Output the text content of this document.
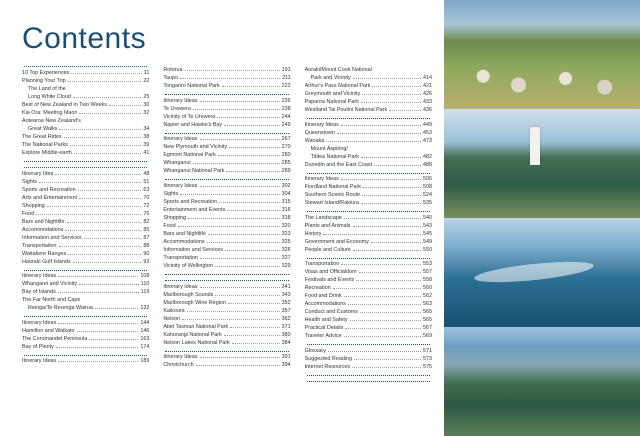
Contents
10 Top Experiences	11
Planning Your Trip	22
The Land of the
Long White Cloud	25
Best of New Zealand in Two Weeks	30
Kia Ora: Meeting Maori	32
Aotearoa New Zealand's
Great Walks	34
The Great Rides	38
The National Parks	39
Explore Middle-earth	41
Itinerary Idea	48
Sights	51
Sports and Recreation	63
Arts and Entertainment	70
Shopping	72
Food	76
Bars and Nightlife	82
Accommodations	85
Information and Services	87
Transportation	88
Waitakere Ranges	90
Hauraki Gulf Islands	93
Itinerary Ideas	108
Whangarei and Vicinity	110
Bay of Islands	119
The Far North and Cape
Reinga/Te Rerenga Wairua	132
Itinerary Ideas	144
Hamilton and Waikato	146
The Coromandel Peninsula	163
Bay of Plenty	174
Itinerary Ideas	189
Rotorua	191
Taupo	211
Tongariro National Park	222
Itinerary Ideas	236
Te Urewera	238
Vicinity of Te Urewera	244
Napier and Hawke's Bay	249
Itinerary Ideas	267
New Plymouth and Vicinity	270
Egmont National Park	280
Whanganui	285
Whanganui National Park	289
Itinerary Ideas	302
Sights	304
Sports and Recreation	315
Entertainment and Events	316
Shopping	318
Food	320
Bars and Nightlife	323
Accommodations	325
Information and Services	326
Transportation	327
Vicinity of Wellington	329
Itinerary Ideas	341
Marlborough Sounds	343
Marlborough Wine Region	352
Kaikoura	357
Nelson	362
Abel Tasman National Park	371
Kahurangi National Park	380
Nelson Lakes National Park	384
Itinerary Ideas	391
Christchurch	394
Aoraki/Mount Cook National
Park and Vicinity	414
Arthur's Pass National Park	421
Greymouth and Vicinity	426
Paparoa National Park	433
Westland Tai Poutini National Park	436
Itinerary Ideas	449
Queenstown	453
Wanaka	473
Mount Aspiring/
Tititea National Park	482
Dunedin and the East Coast	488
Itinerary Ideas	506
Fiordland National Park	508
Southern Scenic Route	524
Stewart Island/Rakiura	535
The Landscape	540
Plants and Animals	543
History	545
Government and Economy	549
People and Culture	550
Transportation	553
Visas and Officialdom	557
Festivals and Events	558
Recreation	560
Food and Drink	562
Accommodations	563
Conduct and Customs	565
Health and Safety	565
Practical Details	567
Traveler Advice	569
Glossary	571
Suggested Reading	573
Internet Resources	575
